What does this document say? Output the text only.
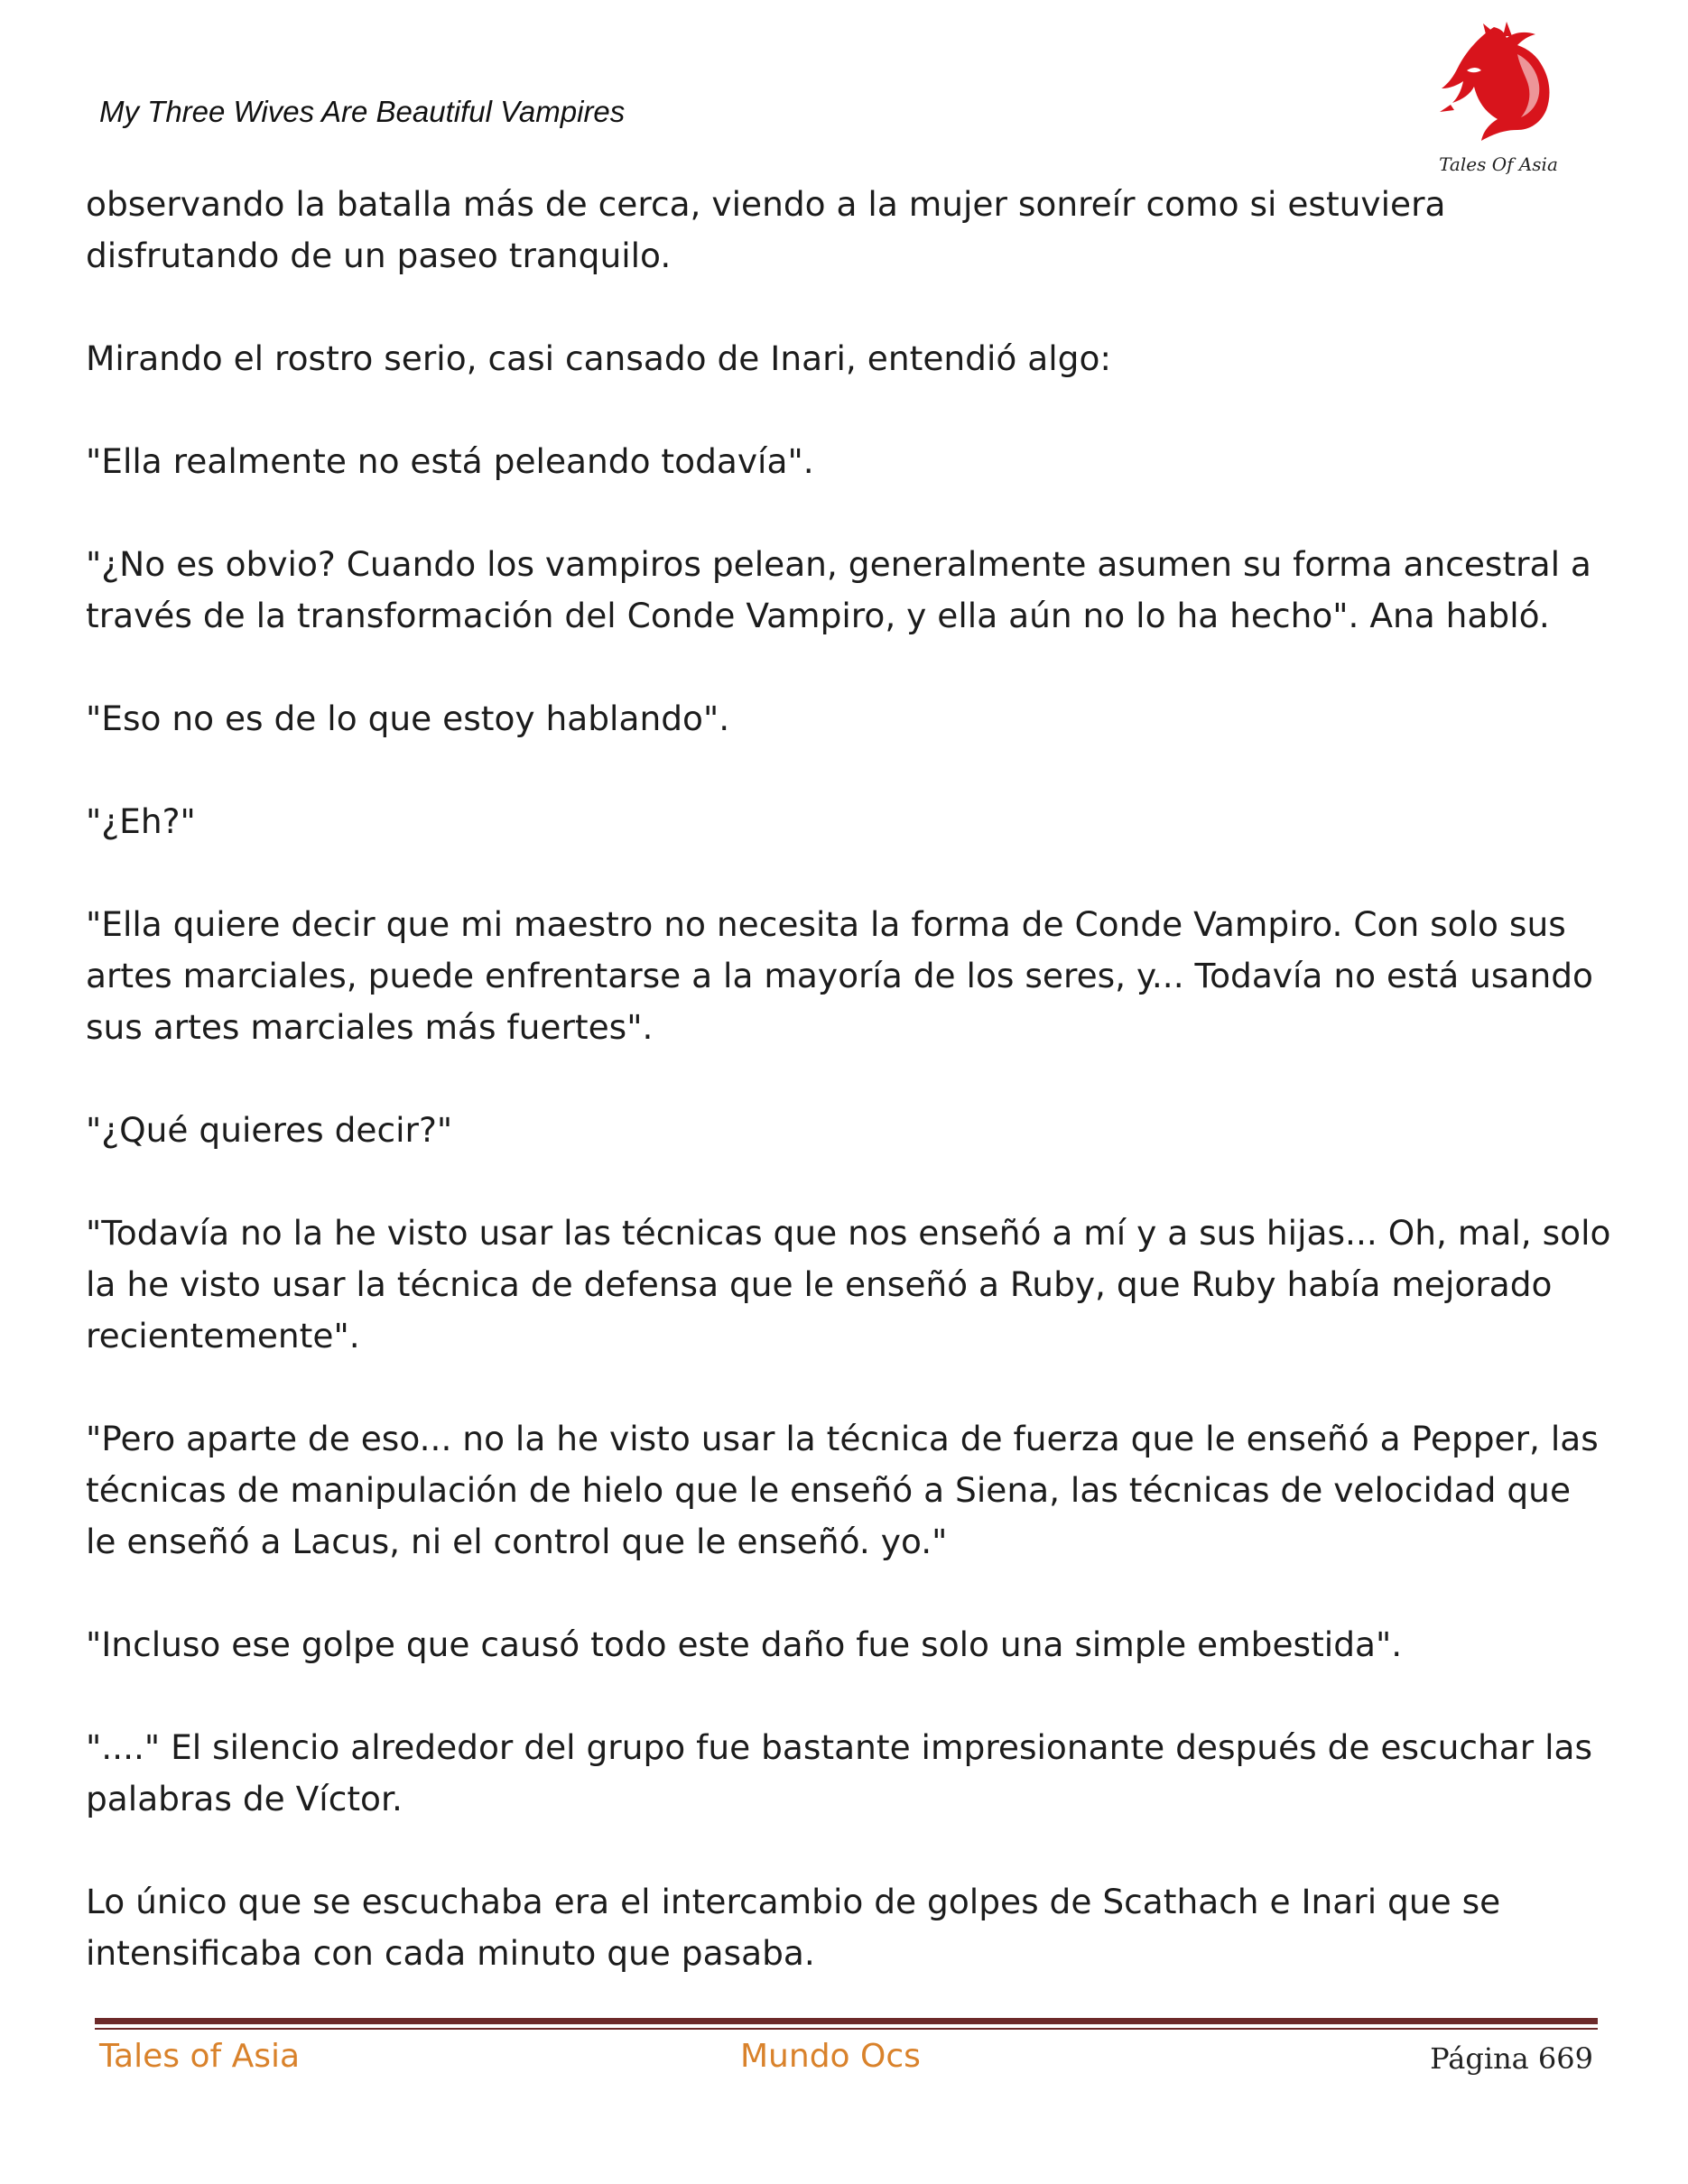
My Three Wives Are Beautiful Vampires
Tales Of Asia

observando la batalla más de cerca, viendo a la mujer sonreír como si estuviera disfrutando de un paseo tranquilo.

Mirando el rostro serio, casi cansado de Inari, entendió algo:

"Ella realmente no está peleando todavía".

"¿No es obvio? Cuando los vampiros pelean, generalmente asumen su forma ancestral a través de la transformación del Conde Vampiro, y ella aún no lo ha hecho". Ana habló.

"Eso no es de lo que estoy hablando".

"¿Eh?"

"Ella quiere decir que mi maestro no necesita la forma de Conde Vampiro. Con solo sus artes marciales, puede enfrentarse a la mayoría de los seres, y... Todavía no está usando sus artes marciales más fuertes".

"¿Qué quieres decir?"

"Todavía no la he visto usar las técnicas que nos enseñó a mí y a sus hijas... Oh, mal, solo la he visto usar la técnica de defensa que le enseñó a Ruby, que Ruby había mejorado recientemente".

"Pero aparte de eso... no la he visto usar la técnica de fuerza que le enseñó a Pepper, las técnicas de manipulación de hielo que le enseñó a Siena, las técnicas de velocidad que le enseñó a Lacus, ni el control que le enseñó. yo."

"Incluso ese golpe que causó todo este daño fue solo una simple embestida".

"...." El silencio alrededor del grupo fue bastante impresionante después de escuchar las palabras de Víctor.

Lo único que se escuchaba era el intercambio de golpes de Scathach e Inari que se intensificaba con cada minuto que pasaba.

Tales of Asia	Mundo Ocs	Página 669
